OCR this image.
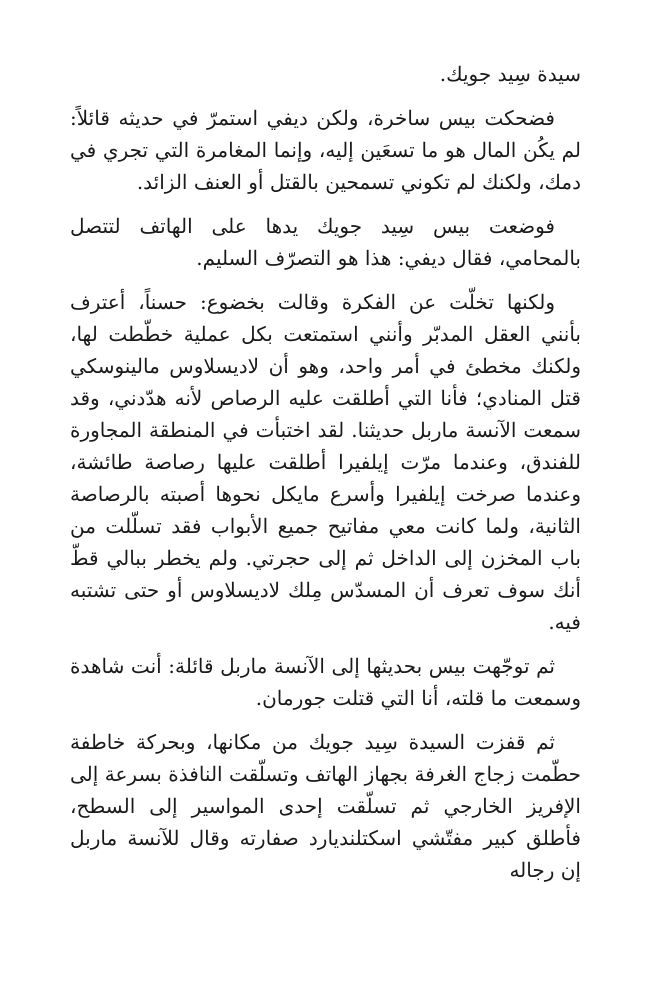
سيدة سِيد جويك.

فضحكت بيس ساخرة، ولكن ديفي استمرّ في حديثه قائلاً: لم يكُن المال هو ما تسعَين إليه، وإنما المغامرة التي تجري في دمك، ولكنك لم تكوني تسمحين بالقتل أو العنف الزائد.

فوضعت بيس سِيد جويك يدها على الهاتف لتتصل بالمحامي، فقال ديفي: هذا هو التصرّف السليم.

ولكنها تخلّت عن الفكرة وقالت بخضوع: حسناً، أعترف بأنني العقل المدبّر وأنني استمتعت بكل عملية خطّطت لها، ولكنك مخطئ في أمر واحد، وهو أن لاديسلاوس مالينوسكي قتل المنادي؛ فأنا التي أطلقت عليه الرصاص لأنه هدّدني، وقد سمعت الآنسة ماربل حديثنا. لقد اختبأت في المنطقة المجاورة للفندق، وعندما مرّت إيلفيرا أطلقت عليها رصاصة طائشة، وعندما صرخت إيلفيرا وأسرع مايكل نحوها أصبته بالرصاصة الثانية، ولما كانت معي مفاتيح جميع الأبواب فقد تسلّلت من باب المخزن إلى الداخل ثم إلى حجرتي. ولم يخطر ببالي قطّ أنك سوف تعرف أن المسدّس مِلك لاديسلاوس أو حتى تشتبه فيه.

ثم توجّهت بيس بحديثها إلى الآنسة ماربل قائلة: أنت شاهدة وسمعت ما قلته، أنا التي قتلت جورمان.

ثم قفزت السيدة سِيد جويك من مكانها، وبحركة خاطفة حطّمت زجاج الغرفة بجهاز الهاتف وتسلّقت النافذة بسرعة إلى الإفريز الخارجي ثم تسلّقت إحدى المواسير إلى السطح، فأطلق كبير مفتّشي اسكتلنديارد صفارته وقال للآنسة ماربل إن رجاله
